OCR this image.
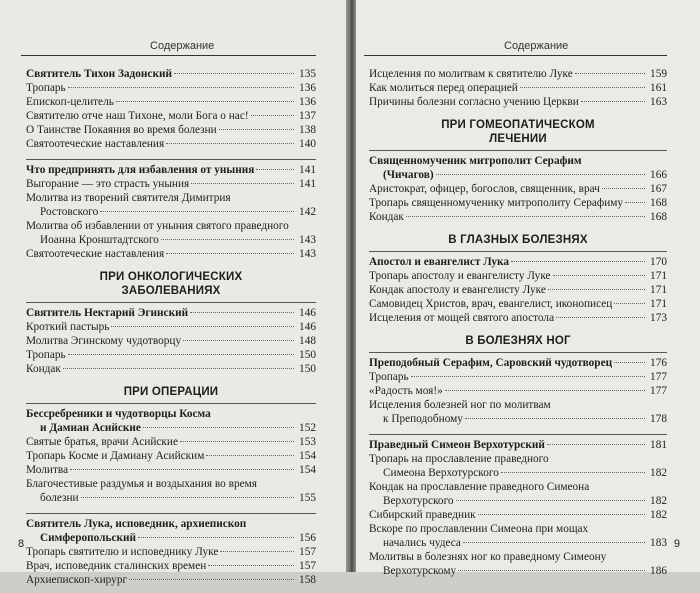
Содержание
Святитель Тихон Задонский	135
Тропарь	136
Епископ-целитель	136
Святителю отче наш Тихоне, моли Бога о нас!	137
О Таинстве Покаяния во время болезни	138
Святоотеческие наставления	140
Что предпринять для избавления от уныния	141
Выгорание — это страсть уныния	141
Молитва из творений святителя Димитрия
Ростовского	142
Молитва об избавлении от уныния святого праведного
Иоанна Кронштадтского	143
Святоотеческие наставления	143
ПРИ ОНКОЛОГИЧЕСКИХ
ЗАБОЛЕВАНИЯХ
Святитель Нектарий Эгинский	146
Кроткий пастырь	146
Молитва Эгинскому чудотворцу	148
Тропарь	150
Кондак	150
ПРИ ОПЕРАЦИИ
Бессребреники и чудотворцы Косма
и Дамиан Асийские	152
Святые братья, врачи Асийские	153
Тропарь Косме и Дамиану Асийским	154
Молитва	154
Благочестивые раздумья и воздыхания во время
болезни	155
Святитель Лука, исповедник, архиепископ
Симферопольский	156
Тропарь святителю и исповеднику Луке	157
Врач, исповедник сталинских времен	157
Архиепископ-хирург	158
8
Содержание
Исцеления по молитвам к святителю Луке	159
Как молиться перед операцией	161
Причины болезни согласно учению Церкви	163
ПРИ ГОМЕОПАТИЧЕСКОМ
ЛЕЧЕНИИ
Священномученик митрополит Серафим
(Чичагов)	166
Аристократ, офицер, богослов, священник, врач	167
Тропарь священномученику митрополиту Серафиму 168
Кондак	168
В ГЛАЗНЫХ БОЛЕЗНЯХ
Апостол и евангелист Лука	170
Тропарь апостолу и евангелисту Луке	171
Кондак апостолу и евангелисту Луке	171
Самовидец Христов, врач, евангелист, иконописец	171
Исцеления от мощей святого апостола	173
В БОЛЕЗНЯХ НОГ
Преподобный Серафим, Саровский чудотворец	176
Тропарь	177
«Радость моя!»	177
Исцеления болезней ног по молитвам
к Преподобному	178
Праведный Симеон Верхотурский	181
Тропарь на прославление праведного
Симеона Верхотурского	182
Кондак на прославление праведного Симеона
Верхотурского	182
Сибирский праведник	182
Вскоре по прославлении Симеона при мощах
начались чудеса	183
Молитвы в болезнях ног ко праведному Симеону
Верхотурскому	186
9
